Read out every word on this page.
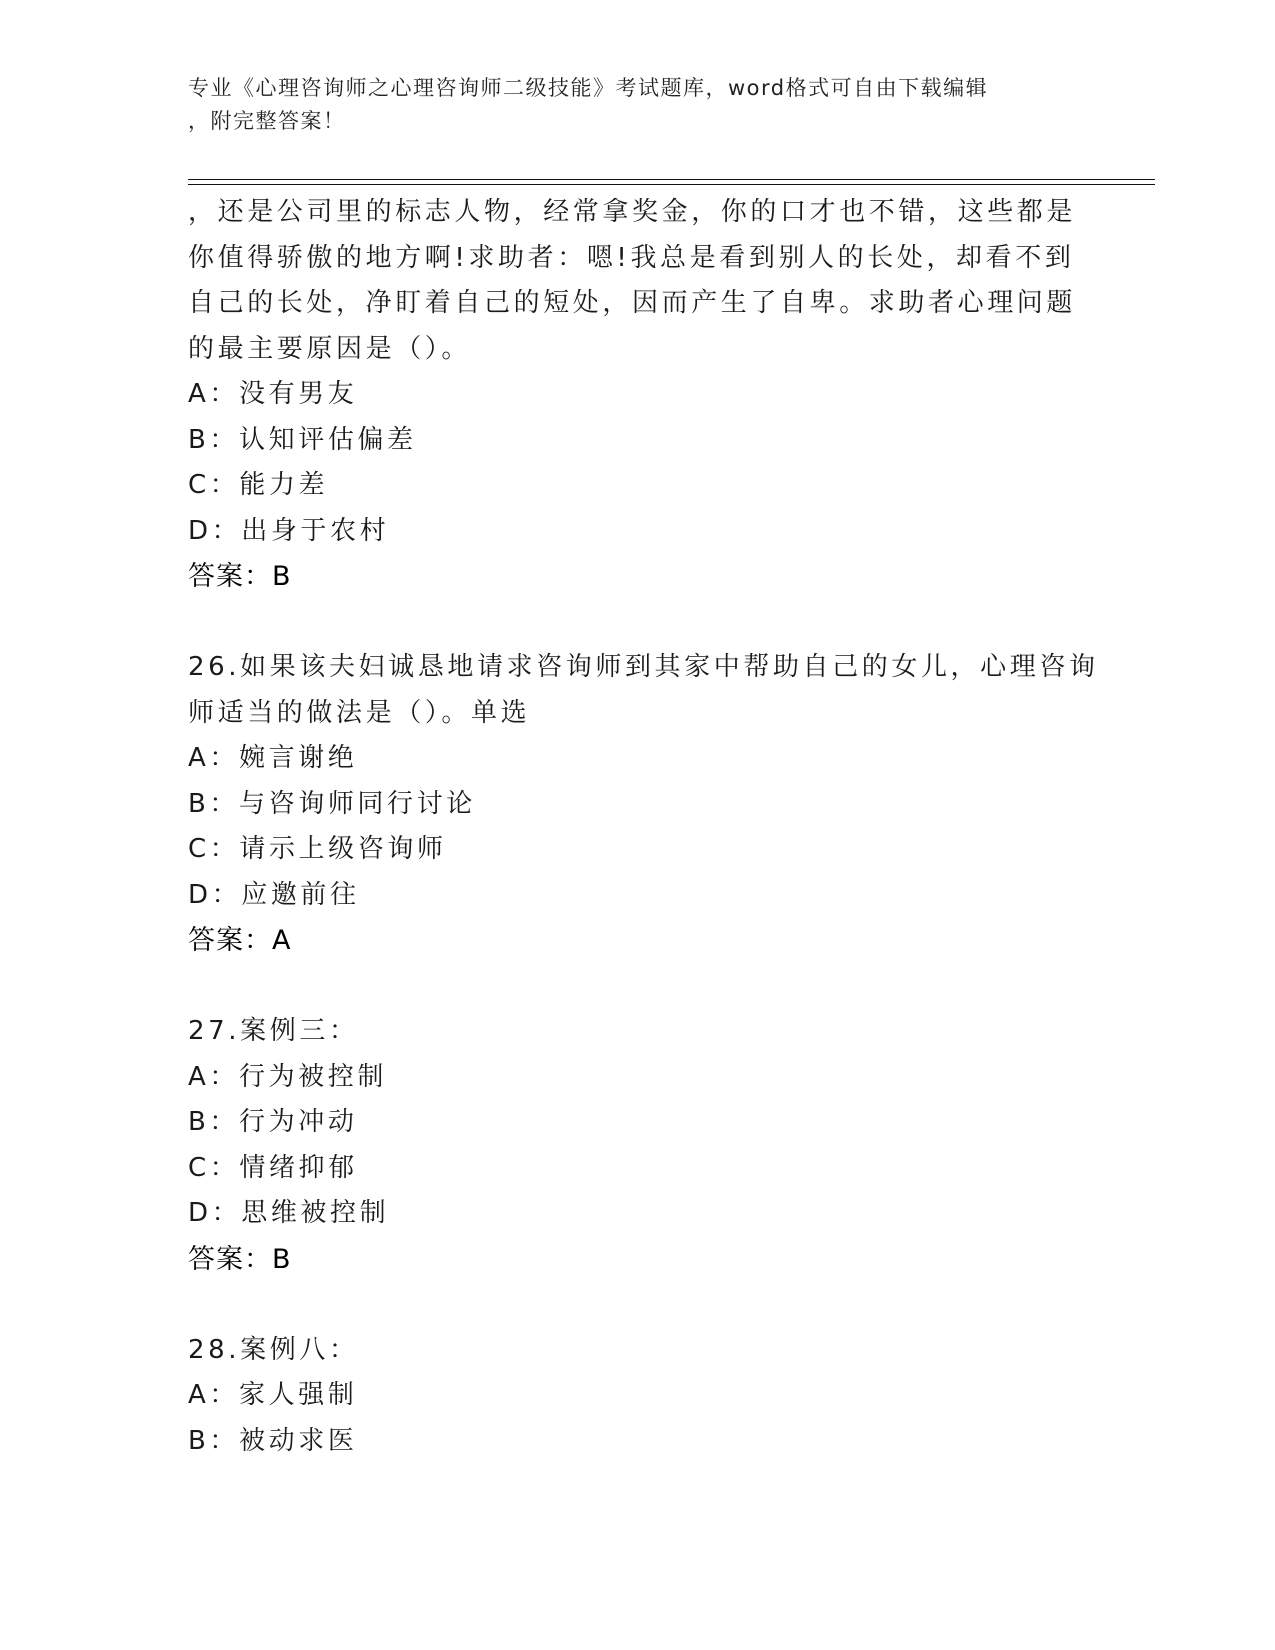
专业《心理咨询师之心理咨询师二级技能》考试题库，word格式可自由下载编辑
，附完整答案！
，还是公司里的标志人物，经常拿奖金，你的口才也不错，这些都是
你值得骄傲的地方啊!求助者：嗯!我总是看到别人的长处，却看不到
自己的长处，净盯着自己的短处，因而产生了自卑。求助者心理问题
的最主要原因是（）。
A：没有男友
B：认知评估偏差
C：能力差
D：出身于农村
答案：B
26.如果该夫妇诚恳地请求咨询师到其家中帮助自己的女儿，心理咨询
师适当的做法是（）。单选
A：婉言谢绝
B：与咨询师同行讨论
C：请示上级咨询师
D：应邀前往
答案：A
27.案例三：
A：行为被控制
B：行为冲动
C：情绪抑郁
D：思维被控制
答案：B
28.案例八：
A：家人强制
B：被动求医
